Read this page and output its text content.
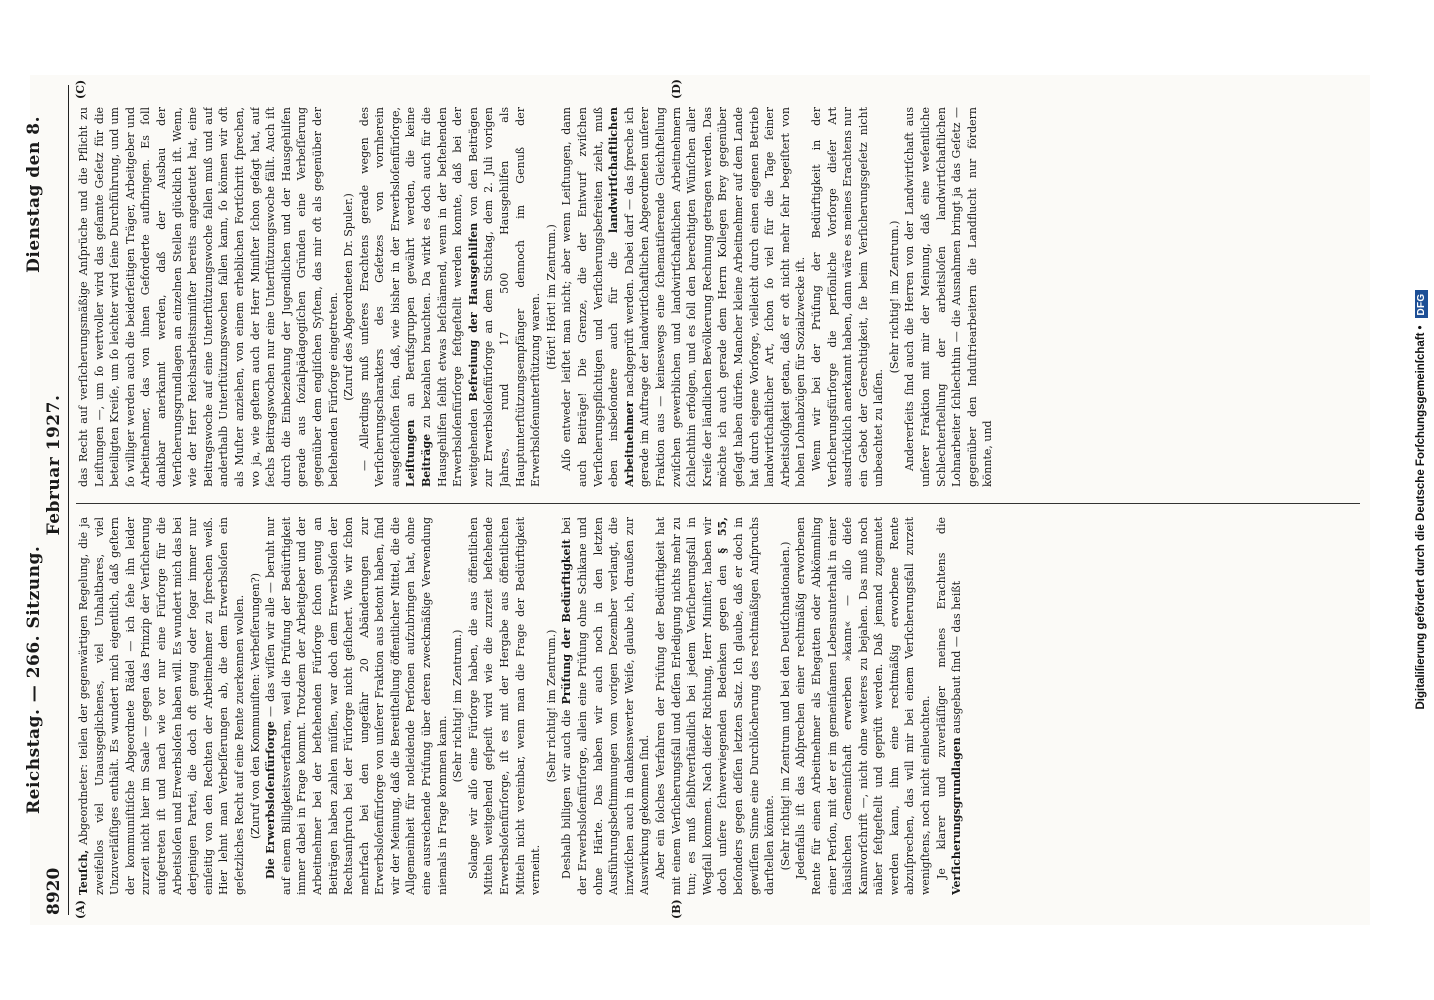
8920
Reichstag. — 266. Sitzung.  Dienstag den 8. Februar 1927.
(A)	(B)
(C)	(D)

Teuſch, Abgeordneter: teilen der gegenwärtigen Regelung, die ja zweifellos viel Unausgeglichenes, viel Unhaltbares, viel Unzuverläſſiges enthält. Es wundert mich eigentlich, daß geſtern der kommuniſtiſche Abgeordnete Rädel — ich ſehe ihn leider zurzeit nicht hier im Saale — gegen das Prinzip der Verſicherung aufgetreten iſt und nach wie vor nur eine Fürſorge für die Arbeitsloſen und Erwerbsloſen haben will. Es wundert mich das bei derjenigen Partei, die doch oft genug oder ſogar immer nur einſeitig von den Rechten der Arbeitnehmer zu ſprechen weiß. Hier lehnt man Verbeſſerungen ab, die dem Erwerbsloſen ein geſetzliches Recht auf eine Rente zuerkennen wollen. (Zuruf von den Kommuniſten: Verbeſſerungen?) Die Erwerbsloſenfürſorge — das wiſſen wir alle — beruht nur auf einem Billigkeitsverfahren, weil die Prüfung der Bedürftigkeit immer dabei in Frage kommt. Trotzdem der Arbeitgeber und der Arbeitnehmer bei der beſtehenden Fürſorge ſchon genug an Beiträgen haben zahlen müſſen, war doch dem Erwerbsloſen der Rechtsanſpruch bei der Fürſorge nicht geſichert. Wie wir ſchon mehrfach bei den ungefähr 20 Abänderungen zur Erwerbsloſenfürſorge von unſerer Fraktion aus betont haben, ſind wir der Meinung, daß die Bereitſtellung öffentlicher Mittel, die die Allgemeinheit für notleidende Perſonen aufzubringen hat, ohne eine ausreichende Prüfung über deren zweckmäßige Verwendung niemals in Frage kommen kann.

(Sehr richtig! im Zentrum.) Solange wir alſo eine Fürſorge haben, die aus öffentlichen Mitteln weitgehend geſpeiſt wird wie die zurzeit beſtehende Erwerbsloſenfürſorge, iſt es mit der Hergabe aus öffentlichen Mitteln nicht vereinbar, wenn man die Frage der Bedürftigkeit verneint.

(Sehr richtig! im Zentrum.)

Deshalb billigen wir auch die Prüfung der Bedürftigkeit bei der Erwerbsloſenfürſorge, allein eine Prüfung ohne Schikane und ohne Härte. Das haben wir auch noch in den letzten Ausführungsbeſtimmungen vom vorigen Dezember verlangt, die inzwiſchen auch in dankenswerter Weiſe, glaube ich, draußen zur Auswirkung gekommen ſind. Aber ein ſolches Verfahren der Prüfung der Bedürftigkeit hat mit einem Verſicherungsfall und deſſen Erledigung nichts mehr zu tun; es muß ſelbſtverſtändlich bei jedem Verſicherungsfall in Wegfall kommen. Nach dieſer Richtung, Herr Miniſter, haben wir doch unſere ſchwerwiegenden Bedenken gegen den § 55, beſonders gegen deſſen letzten Satz. Ich glaube, daß er doch in gewiſſem Sinne eine Durchlöcherung des rechtmäßigen Anſpruchs darſtellen könnte. (Sehr richtig! im Zentrum und bei den Deutſchnationalen.) Jedenfalls iſt das Abſprechen einer rechtmäßig erworbenen Rente für einen Arbeitnehmer als Ehegatten oder Abkömmling einer Perſon, mit der er im gemeinſamen Lebensunterhalt in einer häuslichen Gemeinſchaft erwerben »kann« — alſo dieſe Kannvorſchrift —, nicht ohne weiteres zu bejahen. Das muß noch näher feſtgeſtellt und geprüft werden. Daß jemand zugemutet werden kann, ihm eine rechtmäßig erworbene Rente abzuſprechen, das will mir bei einem Verſicherungsfall zurzeit wenigſtens, noch nicht einleuchten. Je klarer und zuverläſſiger meines Erachtens die Verſicherungsgrundlagen ausgebaut ſind — das heißt

das Recht auf verſicherungsmäßige Anſprüche und die Pflicht zu Leiſtungen —, um ſo wertvoller wird das geſamte Geſetz für die beteiligten Kreiſe, um ſo leichter wird ſeine Durchführung, und um ſo williger werden auch die beiderſeitigen Träger, Arbeitgeber und Arbeitnehmer, das von ihnen Geforderte aufbringen. Es ſoll dankbar anerkannt werden, daß der Ausbau der Verſicherungsgrundlagen an einzelnen Stellen glücklich iſt. Wenn, wie der Herr Reichsarbeitsminiſter bereits angedeutet hat, eine Beitragswoche auf eine Unterſtützungswoche fallen muß und auf anderthalb Unterſtützungswochen fallen kann, ſo können wir oft als Muſter anziehen, von einem erheblichen Fortſchritt ſprechen, wo ja, wie geſtern auch der Herr Miniſter ſchon geſagt hat, auf ſechs Beitragswochen nur eine Unterſtützungswoche fällt. Auch iſt durch die Einbeziehung der Jugendlichen und der Hausgehilfen gerade aus ſozialpädagogiſchen Gründen eine Verbeſſerung gegenüber dem engliſchen Syſtem, das mir oft als gegenüber der beſtehenden Fürſorge eingetreten. (Zuruf des Abgeordneten Dr. Spuler.) — Allerdings muß unſeres Erachtens gerade wegen des Verſicherungscharakters des Geſetzes von vornherein ausgeſchloſſen ſein, daß, wie bisher in der Erwerbsloſenfürſorge, Leiſtungen an Berufsgruppen gewährt werden, die keine Beiträge zu bezahlen brauchten. Da wirkt es doch auch für die Hausgehilfen ſelbſt etwas beſchämend, wenn in der beſtehenden Erwerbsloſenfürſorge feſtgeſtellt werden konnte, daß bei der weitgehenden Befreiung der Hausgehilfen von den Beiträgen zur Erwerbsloſenfürſorge an dem Stichtag, dem 2. Juli vorigen Jahres, rund 17 500 Hausgehilfen als Hauptunterſtützungsempfänger dennoch im Genuß der Erwerbsloſenunterſtützung waren. (Hört! Hört! im Zentrum.) Alſo entweder leiſtet man nicht; aber wenn Leiſtungen, dann auch Beiträge! Die Grenze, die der Entwurf zwiſchen Verſicherungspflichtigen und Verſicherungsbefreiten zieht, muß eben insbeſondere auch für die landwirtſchaftlichen Arbeitnehmer nachgeprüft werden. Dabei darf — das ſpreche ich gerade im Auftrage der landwirtſchaftlichen Abgeordneten unſerer Fraktion aus — keineswegs eine ſchematiſierende Gleichſtellung zwiſchen gewerblichen und landwirtſchaftlichen Arbeitnehmern ſchlechthin erfolgen, und es ſoll den berechtigten Wünſchen aller Kreiſe der ländlichen Bevölkerung Rechnung getragen werden. Das möchte ich auch gerade dem Herrn Kollegen Brey gegenüber geſagt haben dürfen. Mancher kleine Arbeitnehmer auf dem Lande hat durch eigene Vorſorge, vielleicht durch einen eigenen Betrieb landwirtſchaftlicher Art, ſchon ſo viel für die Tage ſeiner Arbeitsloſigkeit getan, daß er oft nicht mehr ſehr begeiſtert von hohen Lohnabzügen für Sozialzwecke iſt. Wenn wir bei der Prüfung der Bedürftigkeit in der Verſicherungsfürſorge die perſönliche Vorſorge dieſer Art ausdrücklich anerkannt haben, dann wäre es meines Erachtens nur ein Gebot der Gerechtigkeit, ſie beim Verſicherungsgeſetz nicht unbeachtet zu laſſen.

(Sehr richtig! im Zentrum.) Andererſeits ſind auch die Herren von der Landwirtſchaft aus unſerer Fraktion mit mir der Meinung, daß eine weſentliche Schlechterſtellung der arbeitsloſen landwirtſchaftlichen Lohnarbeiter ſchlechthin — die Ausnahmen bringt ja das Geſetz — gegenüber den Induſtriearbeitern die Landflucht nur fördern könnte, und	Digitaliſierung gefördert durch die Deutsche Forſchungsgemeinſchaft
•
DFG
